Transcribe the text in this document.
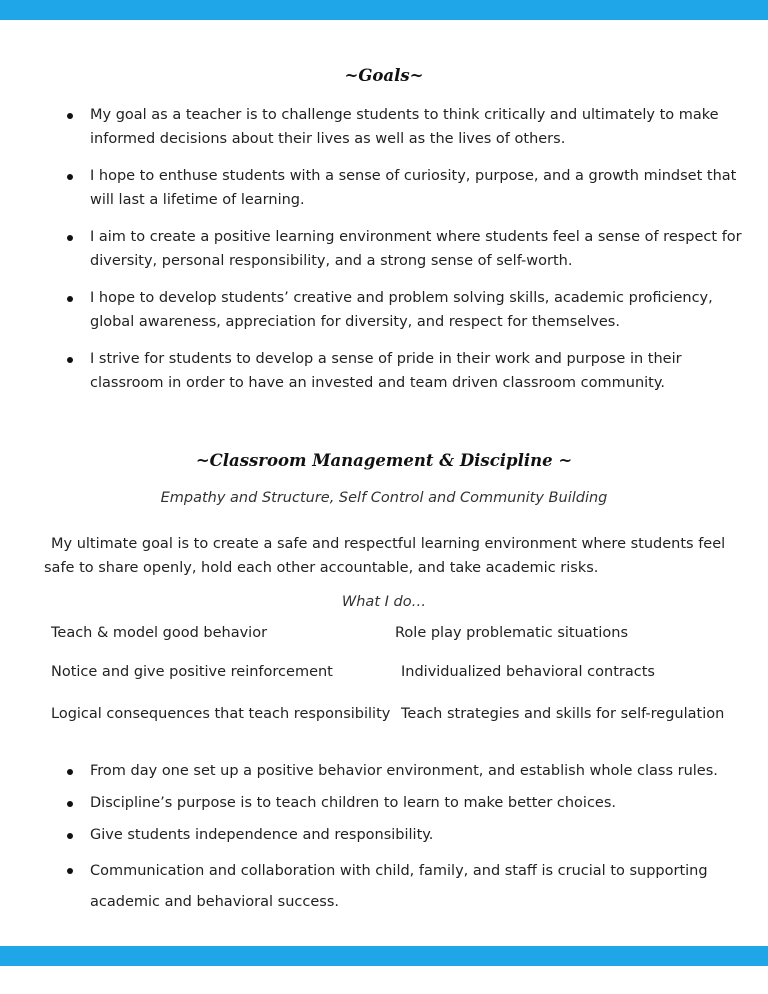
~Goals~
My goal as a teacher is to challenge students to think critically and ultimately to make informed decisions about their lives as well as the lives of others.
I hope to enthuse students with a sense of curiosity, purpose, and a growth mindset that will last a lifetime of learning.
I aim to create a positive learning environment where students feel a sense of respect for diversity, personal responsibility, and a strong sense of self-worth.
I hope to develop students’ creative and problem solving skills, academic proficiency, global awareness, appreciation for diversity, and respect for themselves.
I strive for students to develop a sense of pride in their work and purpose in their classroom in order to have an invested and team driven classroom community.
~Classroom Management & Discipline ~
Empathy and Structure, Self Control and Community Building
My ultimate goal is to create a safe and respectful learning environment where students feel safe to share openly, hold each other accountable, and take academic risks.
What I do…
Teach & model good behavior
Notice and give positive reinforcement
Logical consequences that teach responsibility
Role play problematic situations
Individualized behavioral contracts
Teach strategies and skills for self-regulation
From day one set up a positive behavior environment, and establish whole class rules.
Discipline’s purpose is to teach children to learn to make better choices.
Give students independence and responsibility.
Communication and collaboration with child, family, and staff is crucial to supporting academic and behavioral success.
